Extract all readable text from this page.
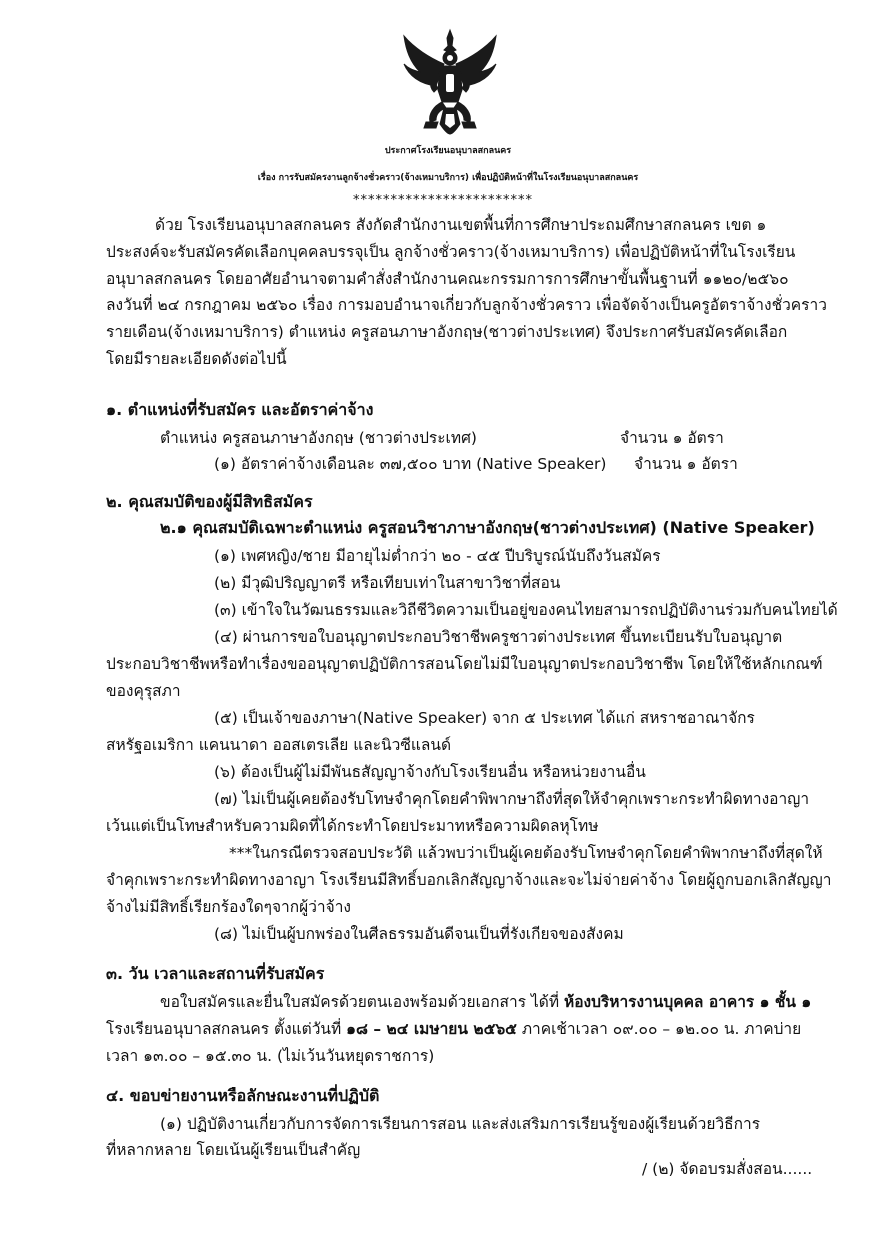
ประกาศโรงเรียนอนุบาลสกลนคร
เรื่อง การรับสมัครงานลูกจ้างชั่วคราว(จ้างเหมาบริการ) เพื่อปฏิบัติหน้าที่ในโรงเรียนอนุบาลสกลนคร
************************
ด้วย โรงเรียนอนุบาลสกลนคร สังกัดสำนักงานเขตพื้นที่การศึกษาประถมศึกษาสกลนคร เขต ๑
ประสงค์จะรับสมัครคัดเลือกบุคคลบรรจุเป็น ลูกจ้างชั่วคราว(จ้างเหมาบริการ) เพื่อปฏิบัติหน้าที่ในโรงเรียน
อนุบาลสกลนคร โดยอาศัยอำนาจตามคำสั่งสำนักงานคณะกรรมการการศึกษาขั้นพื้นฐานที่ ๑๑๒๐/๒๕๖๐
ลงวันที่ ๒๔ กรกฎาคม ๒๕๖๐ เรื่อง การมอบอำนาจเกี่ยวกับลูกจ้างชั่วคราว เพื่อจัดจ้างเป็นครูอัตราจ้างชั่วคราว
รายเดือน(จ้างเหมาบริการ) ตำแหน่ง ครูสอนภาษาอังกฤษ(ชาวต่างประเทศ) จึงประกาศรับสมัครคัดเลือก
โดยมีรายละเอียดดังต่อไปนี้
๑. ตำแหน่งที่รับสมัคร และอัตราค่าจ้าง
ตำแหน่ง ครูสอนภาษาอังกฤษ (ชาวต่างประเทศ)	จำนวน ๑ อัตรา
(๑) อัตราค่าจ้างเดือนละ ๓๗,๕๐๐ บาท (Native Speaker) จำนวน ๑ อัตรา
๒. คุณสมบัติของผู้มีสิทธิสมัคร
๒.๑ คุณสมบัติเฉพาะตำแหน่ง ครูสอนวิชาภาษาอังกฤษ(ชาวต่างประเทศ) (Native Speaker)
(๑) เพศหญิง/ชาย มีอายุไม่ต่ำกว่า ๒๐ - ๔๕ ปีบริบูรณ์นับถึงวันสมัคร
(๒) มีวุฒิปริญญาตรี หรือเทียบเท่าในสาขาวิชาที่สอน
(๓) เข้าใจในวัฒนธรรมและวิถีชีวิตความเป็นอยู่ของคนไทยสามารถปฏิบัติงานร่วมกับคนไทยได้
(๔) ผ่านการขอใบอนุญาตประกอบวิชาชีพครูชาวต่างประเทศ ขึ้นทะเบียนรับใบอนุญาต
ประกอบวิชาชีพหรือทำเรื่องขออนุญาตปฏิบัติการสอนโดยไม่มีใบอนุญาตประกอบวิชาชีพ โดยให้ใช้หลักเกณฑ์
ของคุรุสภา
(๕) เป็นเจ้าของภาษา(Native Speaker) จาก ๕ ประเทศ ได้แก่ สหราชอาณาจักร
สหรัฐอเมริกา แคนนาดา ออสเตรเลีย และนิวซีแลนด์
(๖) ต้องเป็นผู้ไม่มีพันธสัญญาจ้างกับโรงเรียนอื่น หรือหน่วยงานอื่น
(๗) ไม่เป็นผู้เคยต้องรับโทษจำคุกโดยคำพิพากษาถึงที่สุดให้จำคุกเพราะกระทำผิดทางอาญา
เว้นแต่เป็นโทษสำหรับความผิดที่ได้กระทำโดยประมาทหรือความผิดลหุโทษ
***ในกรณีตรวจสอบประวัติ แล้วพบว่าเป็นผู้เคยต้องรับโทษจำคุกโดยคำพิพากษาถึงที่สุดให้
จำคุกเพราะกระทำผิดทางอาญา โรงเรียนมีสิทธิ์บอกเลิกสัญญาจ้างและจะไม่จ่ายค่าจ้าง โดยผู้ถูกบอกเลิกสัญญา
จ้างไม่มีสิทธิ์เรียกร้องใดๆจากผู้ว่าจ้าง
(๘) ไม่เป็นผู้บกพร่องในศีลธรรมอันดีจนเป็นที่รังเกียจของสังคม
๓. วัน เวลาและสถานที่รับสมัคร
ขอใบสมัครและยื่นใบสมัครด้วยตนเองพร้อมด้วยเอกสาร ได้ที่ ห้องบริหารงานบุคคล อาคาร ๑ ชั้น ๑
โรงเรียนอนุบาลสกลนคร ตั้งแต่วันที่ ๑๘ – ๒๔ เมษายน ๒๕๖๕ ภาคเช้าเวลา ๐๙.๐๐ – ๑๒.๐๐ น. ภาคบ่าย
เวลา ๑๓.๐๐ – ๑๕.๓๐ น. (ไม่เว้นวันหยุดราชการ)
๔. ขอบข่ายงานหรือลักษณะงานที่ปฏิบัติ
(๑) ปฏิบัติงานเกี่ยวกับการจัดการเรียนการสอน และส่งเสริมการเรียนรู้ของผู้เรียนด้วยวิธีการ
ที่หลากหลาย โดยเน้นผู้เรียนเป็นสำคัญ
/ (๒) จัดอบรมสั่งสอน......
